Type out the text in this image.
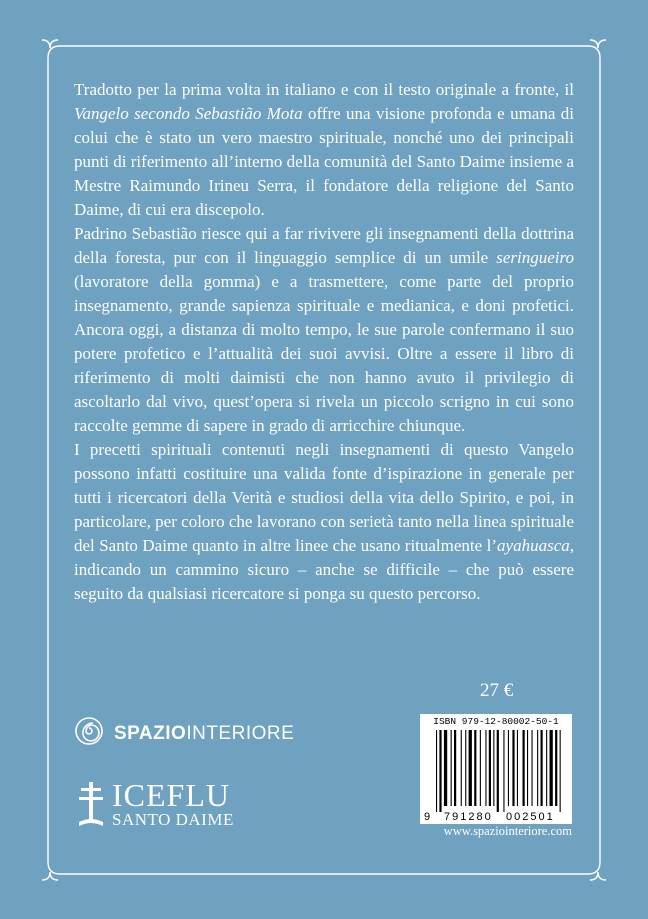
Tradotto per la prima volta in italiano e con il testo originale a fronte, il Vangelo secondo Sebastião Mota offre una visione profonda e umana di colui che è stato un vero maestro spirituale, nonché uno dei principali punti di riferimento all’interno della comunità del Santo Daime insieme a Mestre Raimundo Irineu Serra, il fondatore della religione del Santo Daime, di cui era discepolo.

Padrino Sebastião riesce qui a far rivivere gli insegnamenti della dottrina della foresta, pur con il linguaggio semplice di un umile seringueiro (lavoratore della gomma) e a trasmettere, come parte del proprio insegnamento, grande sapienza spirituale e medianica, e doni profetici. Ancora oggi, a distanza di molto tempo, le sue parole confermano il suo potere profetico e l’attualità dei suoi avvisi. Oltre a essere il libro di riferimento di molti daimisti che non hanno avuto il privilegio di ascoltarlo dal vivo, quest’opera si rivela un piccolo scrigno in cui sono raccolte gemme di sapere in grado di arricchire chiunque.

I precetti spirituali contenuti negli insegnamenti di questo Vangelo possono infatti costituire una valida fonte d’ispirazione in generale per tutti i ricercatori della Verità e studiosi della vita dello Spirito, e poi, in particolare, per coloro che lavorano con serietà tanto nella linea spirituale del Santo Daime quanto in altre linee che usano ritualmente l’ayahuasca, indicando un cammino sicuro – anche se difficile – che può essere seguito da qualsiasi ricercatore si ponga su questo percorso.

27 €
SPAZIOINTERIORE
ICEFLU
SANTO DAIME
ISBN 979-12-80002-50-1
9 791280 002501
www.spaziointeriore.com
